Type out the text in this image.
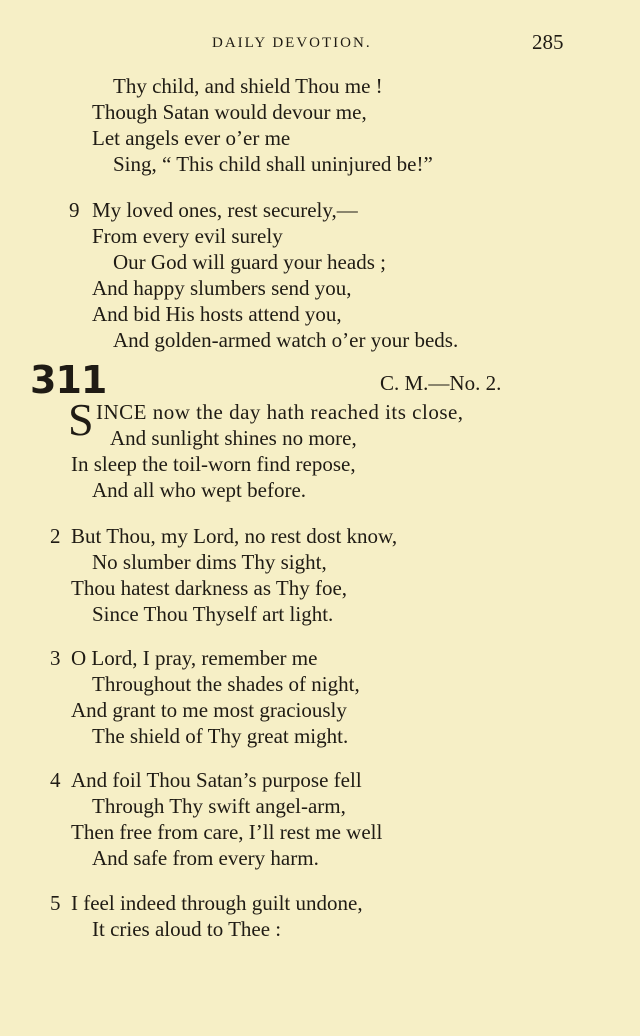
DAILY DEVOTION.	285
Thy child, and shield Thou me !
Though Satan would devour me,
Let angels ever o’er me
Sing, “ This child shall uninjured be!”
9 My loved ones, rest securely,—
From every evil surely
Our God will guard your heads ;
And happy slumbers send you,
And bid His hosts attend you,
And golden-armed watch o’er your beds.
311	C. M.—No. 2.
S INCE now the day hath reached its close,
And sunlight shines no more,
In sleep the toil-worn find repose,
And all who wept before.
2 But Thou, my Lord, no rest dost know,
No slumber dims Thy sight,
Thou hatest darkness as Thy foe,
Since Thou Thyself art light.
3 O Lord, I pray, remember me
Throughout the shades of night,
And grant to me most graciously
The shield of Thy great might.
4 And foil Thou Satan’s purpose fell
Through Thy swift angel-arm,
Then free from care, I’ll rest me well
And safe from every harm.
5 I feel indeed through guilt undone,
It cries aloud to Thee :
